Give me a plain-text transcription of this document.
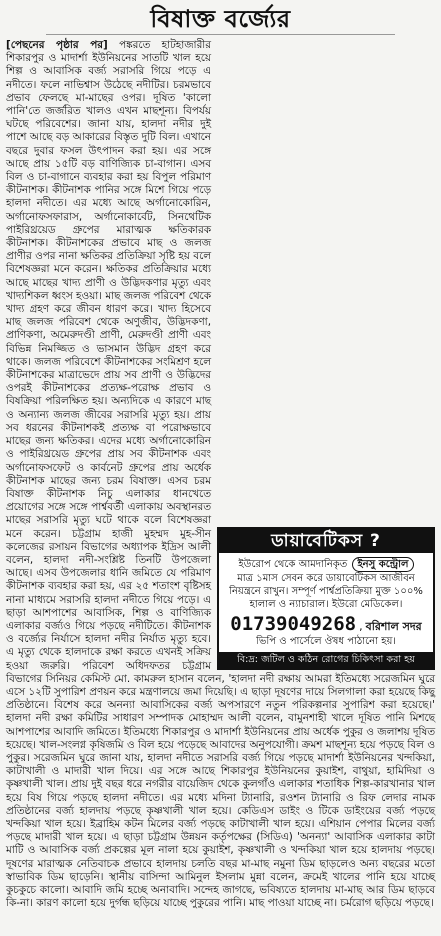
বিষাক্ত বর্জ্যের
ডায়াবেটিকস ?
ইউরোপ থেকে আমদানিকৃত ইনসু কন্ট্রোল
মাত্র ১মাস সেবন করে ডায়াবেটিকস আজীবন
নিয়ন্ত্রনে রাখুন। সম্পূর্ণ পার্শ্বপ্রতিক্রিয়া মুক্ত ১০০%
হালাল ও ন্যাচারাল। ইউরো মেডিকেল।
01739049268 , বরিশাল সদর
ভিপি ও পার্সেলে ঔষধ পাঠানো হয়।
বি:দ্র: জটিল ও কঠিন রোগের চিকিৎসা করা হয়
[পেছনের পৃষ্ঠার পর] পঙ্করতে হাটহাজারীর শিকারপুর ও মাদার্শা ইউনিয়নের সাতটি খাল হয়ে শিল্প ও আবাসিক বর্জ্য সরাসরি গিয়ে পড়ে এ নদীতে। ফলে নাভিশ্বাস উঠেছে নদীটির। চরমভাবে প্রভাব ফেলছে মা-মাছের ওপর। দূষিত 'কালো পানি'তে জর্জরিত খালও এখন মাছশূন্য। বিপর্যয় ঘটছে পরিবেশের। জানা যায়, হালদা নদীর দুই পাশে আছে বড় আকারের বিস্তৃত দুটি বিল। এখানে বছরে দুবার ফসল উৎপাদন করা হয়। এর সঙ্গে আছে প্রায় ১৫টি বড় বাণিজ্যিক চা-বাগান। এসব বিল ও চা-বাগানে ব্যবহার করা হয় বিপুল পরিমাণ কীটনাশক। কীটনাশক পানির সঙ্গে মিশে গিয়ে পড়ে হালদা নদীতে। এর মধ্যে আছে অর্গানোকোরিন, অর্গানোফসফারাস, অর্গানোকার্বেট, সিনথেটিক পাইরিথ্রয়েড গ্রুপের মারাত্মক ক্ষতিকারক কীটনাশক। কীটনাশকের প্রভাবে মাছ ও জলজ প্রাণীর ওপর নানা ক্ষতিকর প্রতিক্রিয়া সৃষ্টি হয় বলে বিশেষজ্ঞরা মনে করেন। ক্ষতিকর প্রতিক্রিয়ার মধ্যে আছে মাছের খাদ্য প্রাণী ও উদ্ভিদকণার মৃত্যু এবং খাদ্যশিকল ধ্বংস হওয়া। মাছ জলজ পরিবেশ থেকে খাদ্য গ্রহণ করে জীবন ধারণ করে। খাদ্য হিসেবে মাছ জলজ পরিবেশ থেকে অণুজীব, উদ্ভিদকণা, প্রাণিকণা, অমেরুদণ্ডী প্রাণী, মেরুদণ্ডী প্রাণী এবং বিভিন্ন নিমজ্জিত ও ভাসমান উদ্ভিদ গ্রহণ করে থাকে। জলজ পরিবেশে কীটনাশকের সংমিশ্রণ হলে কীটনাশকের মাত্রাভেদে প্রায় সব প্রাণী ও উদ্ভিদের ওপরই কীটনাশকের প্রত্যক্ষ-পরোক্ষ প্রভাব ও বিষক্রিয়া পরিলক্ষিত হয়। অন্যদিকে এ কারণে মাছ ও অন্যান্য জলজ জীবের সরাসরি মৃত্যু হয়। প্রায় সব ধরনের কীটনাশকই প্রত্যক্ষ বা পরোক্ষভাবে মাছের জন্য ক্ষতিকর। এদের মধ্যে অর্গানোকোরিন ও পাইরিথ্রয়েড গ্রুপের প্রায় সব কীটনাশক এবং অর্গানোফসফেট ও কার্বনেট গ্রুপের প্রায় অর্ধেক কীটনাশক মাছের জন্য চরম বিষাক্ত। এসব চরম বিষাক্ত কীটনাশক নিচু এলাকার ধানখেতে প্রয়োগের সঙ্গে সঙ্গে পার্শ্ববর্তী এলাকায় অবস্থানরত মাছের সরাসরি মৃত্যু ঘটে থাকে বলে বিশেষজ্ঞরা মনে করেন। চট্টগ্রাম হাজী মুহম্মদ মুহ-সীন কলেজের রসায়ন বিভাগের অধ্যাপক ইদ্রিস আলী বলেন, হালদা নদী-সংশ্লিষ্ট তিনটি উপজেলা আছে। এসব উপজেলার ধানি জমিতে যে পরিমাণ কীটনাশক ব্যবহার করা হয়, এর ২৫ শতাংশ বৃষ্টিসহ নানা মাধ্যমে সরাসরি হালদা নদীতে গিয়ে পড়ে। এ ছাড়া আশপাশের আবাসিক, শিল্প ও বাণিজ্যিক এলাকার বর্জ্যও গিয়ে পড়ছে নদীটিতে। কীটনাশক ও বর্জ্যের নির্যাসে হালদা নদীর নির্যাত মৃত্যু হবে। এ মৃত্যু থেকে হালদাকে রক্ষা করতে এখনই সক্রিয় হওয়া জরুরি। পরিবেশ অধিদফতর চট্টগ্রাম বিভাগের সিনিয়র কেমিস্ট মো. কামরুল হাসান বলেন, 'হালদা নদী রক্ষায় আমরা ইতিমধ্যে সরেজমিন ঘুরে এসে ১২টি সুপারিশ প্রণয়ন করে মন্ত্রণালয়ে জমা দিয়েছি। এ ছাড়া দূষণের দায়ে সিলগালা করা হয়েছে কিছু প্রতিষ্ঠানে। বিশেষ করে অনন্যা আবাসিকের বর্জ্য অপসারণে নতুন পরিকল্পনার সুপারিশ করা হয়েছে।' হালদা নদী রক্ষা কমিটির সাধারণ সম্পাদক মোহাম্মদ আলী বলেন, বামুনশাহী খালে দূষিত পানি মিশছে আশপাশের আবাদি জমিতে। ইতিমধ্যে শিকারপুর ও মাদার্শা ইউনিয়নের প্রায় অর্ধেক পুকুর ও জলাশয় দূষিত হয়েছে। খাল-সংলগ্ন কৃষিজমি ও বিল হয়ে পড়েছে আবাদের অনুপযোগী। ক্রমশ মাছশূন্য হয়ে পড়ছে বিল ও পুকুর। সরেজমিন ঘুরে জানা যায়, হালদা নদীতে সরাসরি বর্জ্য গিয়ে পড়ছে মাদার্শা ইউনিয়নের খন্দকিয়া, কাটাখালী ও মাদারী খাল দিয়ে। এর সঙ্গে আছে শিকারপুর ইউনিয়নের কুয়াইশ, বাথুয়া, হামিদিয়া ও কৃষ্ণখালী খাল। প্রায় দুই বছর ধরে নগরীর বায়েজিদ থেকে কুলগাঁও এলাকার শতাধিক শিল্প-কারখানার খাল হয়ে বিষ গিয়ে পড়ছে হালদা নদীতে। এর মধ্যে মদিনা ট্যানারি, রওশন ট্যানারি ও রিফ লেদার নামক প্রতিষ্ঠানের বর্জ্য হালদায় পড়ছে কৃষ্ণখালী খাল হয়ে। কেডিএস ডাইং ও টিকে ডাইংয়ের বর্জ্য পড়ছে খন্দকিয়া খাল হয়ে। ইব্রাহিম কটন মিলের বর্জ্য পড়ছে কাটাখালী খাল হয়ে। এশিয়ান পেপার মিলের বর্জ্য পড়ছে মাদারী খাল হয়ে। এ ছাড়া চট্টগ্রাম উন্নয়ন কর্তৃপক্ষের (সিডিএ) 'অনন্যা' আবাসিক এলাকার কাটা মাটি ও আবাসিক বর্জ্য প্রকল্পের মূল নালা হয়ে কুয়াইশ, কৃষ্ণখালী ও খন্দকিয়া খাল হয়ে হালদায় পড়ছে। দূষণের মারাত্মক নেতিবাচক প্রভাবে হালদায় চলতি বছর মা-মাছ নমুনা ডিম ছাড়লেও অন্য বছরের মতো স্বাভাবিক ডিম ছাড়েনি। স্থানীয় বাসিন্দা আমিনুল ইসলাম মুন্না বলেন, ক্রমেই খালের পানি হয়ে যাচ্ছে কুচকুচে কালো। আবাদি জমি হচ্ছে অনাবাদি। সন্দেহ জাগছে, ভবিষ্যতে হালদায় মা-মাছ আর ডিম ছাড়বে কি-না। কারণ কালো হয়ে দুর্গন্ধ ছড়িয়ে যাচ্ছে পুকুরের পানি। মাছ পাওয়া যাচ্ছে না। চর্মরোগ ছড়িয়ে পড়ছে।
